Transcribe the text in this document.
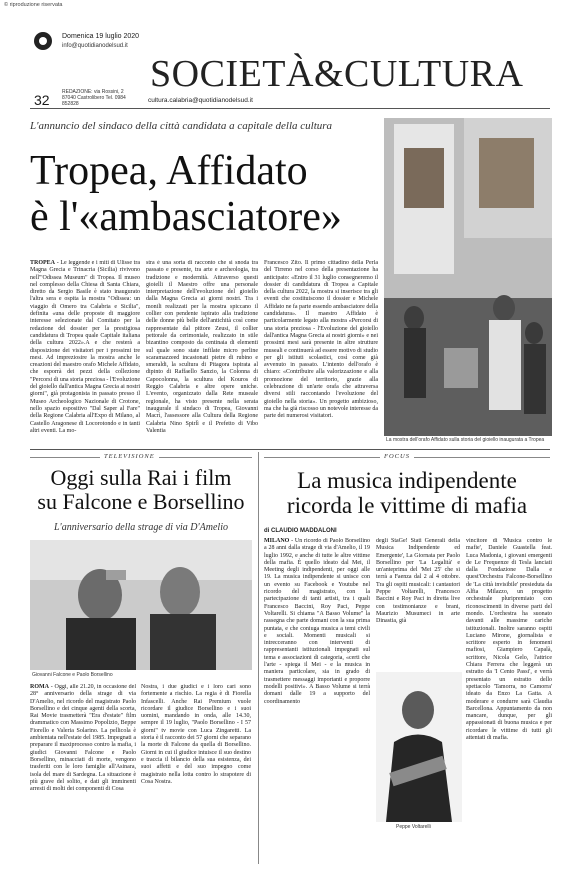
© riproduzione riservata
Domenica 19 luglio 2020
info@quotidianodelsud.it
32 REDAZIONE: via Rossini, 2 87040 Castrolibero Tel. 0984 852828
SOCIETÀ&CULTURA
cultura.calabria@quotidianodelsud.it
L'annuncio del sindaco della città candidata a capitale della cultura
Tropea, Affidato
è l'«ambasciatore»
TROPEA - Le leggende e i miti di Ulisse tra Magna Grecia e Trinacria (Sicilia) rivivono nell'"Odissea Museum" di Tropea. Il museo nel complesso della Chiesa di Santa Chiara, diretto da Sergio Basile è stato inaugurato l'altra sera e ospita la mostra "Odissea: un viaggio di Omero tra Calabria e Sicilia", definita «una delle proposte di maggiore interesse selezionate dal Comitato per la redazione del dossier per la prestigiosa candidatura di Tropea quale Capitale italiana della cultura 2022».A e che resterà a disposizione dei visitatori per i prossimi tre mesi. Ad impreziosire la mostra anche le creazioni del maestro orafo Michele Affidato, che esporrà dei pezzi della collezione "Percorsi di una storia preziosa - l'Evoluzione del gioiello dall'antica Magna Grecia ai nostri giorni", già protagonista in passato presso il Museo Archeologico Nazionale di Crotone, nello spazio espositivo "Dal Saper al Fare" della Regione Calabria all'Expo di Milano, al Castello Aragonese di Locorotondo e in tanti altri eventi. La mo-
stra è una sorta di racconto che si snoda tra passato e presente, tra arte e archeologia, tra tradizione e modernità. Attraverso questi gioielli il Maestro offre una personale interpretazione dell'evoluzione del gioiello dalla Magna Grecia ai giorni nostri. Tra i monili realizzati per la mostra spiccano il collier con pendente ispirato alla tradizione delle donne più belle dell'antichità così come rappresentate dal pittore Zeusi, il collier pettorale da cerimoniale, realizzato in stile bizantino composto da centinaia di elementi sul quale sono state infilate micro perline scaramazzeed incastonati pietre di rubino e smeraldi, la scultura di Pitagora ispirata al dipinto di Raffaello Sanzio, la Colonna di Capocolonna, la scultura del Kouros di Reggio Calabria e altre opere uniche. L'evento, organizzato dalla Rete museale regionale, ha visto presente nella serata inaugurale il sindaco di Tropea, Giovanni Macrì, l'assessore alla Cultura della Regione Calabria Nino Spirlì e il Prefetto di Vibo Valentia
Francesco Zito. Il primo cittadino della Perla del Tirreno nel corso della presentazione ha anticipato: «Entro il 31 luglio consegneremo il dossier di candidatura di Tropea a Capitale della cultura 2022, la mostra si inserisce tra gli eventi che costituiscono il dossier e Michele Affidato ne fa parte essendo ambasciatore della candidatura». Il maestro Affidato è particolarmente legato alla mostra «Percorsi di una storia preziosa - l'Evoluzione del gioiello dall'antica Magna Grecia ai nostri giorni» e nei prossimi mesi sarà presente in altre strutture museali e continuerà ad essere motivo di studio per gli istituti scolastici, così come già avvenuto in passato. L'intento dell'orafo è chiaro: «Contribuire alla valorizzazione e alla promozione del territorio, grazie alla celebrazione di un'arte orafa che attraversa diversi stili raccontando l'evoluzione del gioiello nella storia». Un progetto ambizioso, ma che ha già riscosso un notevole interesse da parte dei numerosi visitatori.
La mostra dell'orafo Affidato sulla storia del gioiello inaugurata a Tropea
TELEVISIONE
Oggi sulla Rai i film
su Falcone e Borsellino
L'anniversario della strage di via D'Amelio
Giovanni Falcone e Paolo Borsellino
ROMA - Oggi, alle 21.20, in occasione del 28° anniversario della strage di via D'Amelio, nel ricordo del magistrato Paolo Borsellino e dei cinque agenti della scorta, Rai Movie trasmetterà "Era d'estate" film drammatico con Massimo Popolizio, Beppe Fiorello e Valeria Solarino. La pellicola è ambientata nell'estate del 1985. Impegnati a preparare il maxiprocesso contro la mafia, i giudici Giovanni Falcone e Paolo Borsellino, minacciati di morte, vengono trasferiti con le loro famiglie all'Asinara, isola del mare di Sardegna. La situazione è più grave del solito, e dati gli imminenti arresti di molti dei componenti di Cosa
Nostra, i due giudici e i loro cari sono fortemente a rischio. La regia è di Fiorella Infascelli. Anche Rai Premium vuole ricordare il giudice Borsellino e i suoi uomini, mandando in onda, alle 14.30, sempre il 19 luglio, "Paolo Borsellino - I 57 giorni" tv movie con Luca Zingaretti. La storia è il racconto dei 57 giorni che separano la morte di Falcone da quella di Borsellino. Giorni in cui il giudice intuisce il suo destino e traccia il bilancio della sua esistenza, dei suoi affetti e del suo impegno come magistrato nella lotta contro lo strapotere di Cosa Nostra.
FOCUS
La musica indipendente
ricorda le vittime di mafia
di CLAUDIO MADDALONI
MILANO - Un ricordo di Paolo Borsellino a 28 anni dalla strage di via d'Amelio, il 19 luglio 1992, e anche di tutte le altre vittime della mafia. È quello ideato dal Mei, il Meeting degli indipendenti, per oggi alle 19. La musica indipendente si unisce con un evento su Facebook e Youtube nel ricordo del magistrato, con la partecipazione di tanti artisti, tra i quali Francesco Baccini, Roy Paci, Peppe Voltarelli. Si chiama "A Basso Volume" la rassegna che parte domani con la sua prima puntata, e che coniuga musica a temi civili e sociali. Momenti musicali si intrecceranno con interventi di rappresentanti istituzionali impegnati sul tema e associazioni di categoria, «certi che l'arte - spiega il Mei - e la musica in maniera particolare, sia in grado di trasmettere messaggi importanti e proporre modelli positivi». A Basso Volume si terrà domani dalle 19 a supporto del coordinamento
degli StaGe! Stati Generali della Musica Indipendente ed Emergente', La Giornata per Paolo Borsellino per 'La Legalità' e un'anteprima del 'Mei 25' che si terrà a Faenza dal 2 al 4 ottobre. Tra gli ospiti musicali: i cantautori Peppe Voltarelli, Francesco Baccini e Roy Paci in diretta live con testimonianze e brani, Maurizio Musumeci in arte Dinastia, già
vincitore di 'Musica contro le mafie', Daniele Guastella feat. Luca Madonia, i giovani emergenti de Le Frequenze di Tesla lanciati dalla Fondazione Dalla e quest'Orchestra Falcone-Borsellino de 'La città invisibile' presieduta da Alfia Milazzo, un progetto orchestrale pluripremiato con riconoscimenti in diverse parti del mondo. L'orchestra ha suonato davanti alle massime cariche istituzionali. Inoltre saranno ospiti Luciano Mirone, giornalista e scrittore esperto in fenomeni mafiosi, Giampiero Capalà, scrittore, Nicola Gelo, l'attrice Chiara Ferrera che leggerà un estratto da 'I Cento Passi', e verrà presentato un estratto dello spettacolo 'Tamorra, no Camorra' ideato da Enzo La Gatta. A moderare e condurre sarà Claudia Barcellona. Appuntamento da non mancare, dunque, per gli appassionati di buona musica e per ricordare le vittime di tutti gli attentati di mafia.
Peppe Voltarelli
